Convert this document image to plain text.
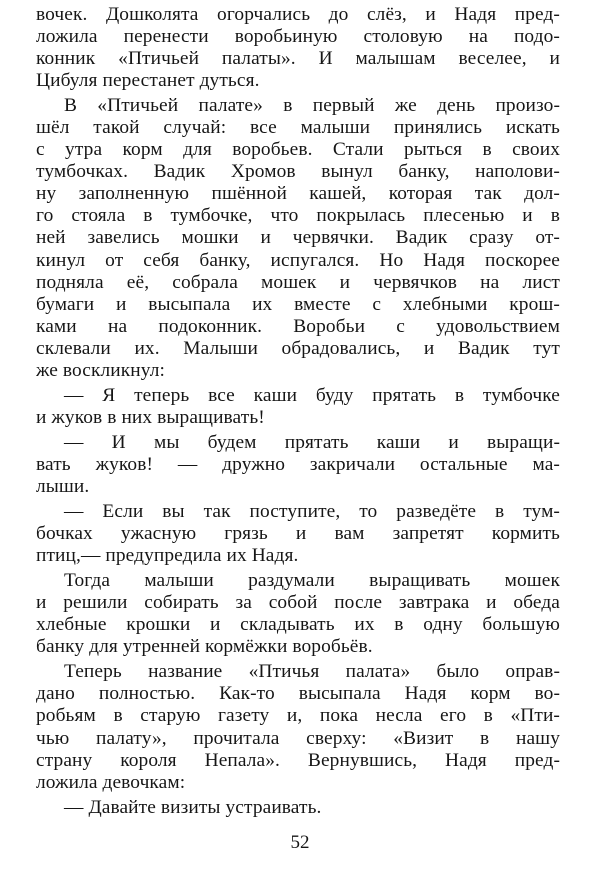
вочек. Дошколята огорчались до слёз, и Надя пред-
ложила перенести воробьиную столовую на подо-
конник «Птичьей палаты». И малышам веселее, и
Цибуля перестанет дуться.
В «Птичьей палате» в первый же день произо-
шёл такой случай: все малыши принялись искать
с утра корм для воробьев. Стали рыться в своих
тумбочках. Вадик Хромов вынул банку, наполови-
ну заполненную пшённой кашей, которая так дол-
го стояла в тумбочке, что покрылась плесенью и в
ней завелись мошки и червячки. Вадик сразу от-
кинул от себя банку, испугался. Но Надя поскорее
подняла её, собрала мошек и червячков на лист
бумаги и высыпала их вместе с хлебными крош-
ками на подоконник. Воробьи с удовольствием
склевали их. Малыши обрадовались, и Вадик тут
же воскликнул:
— Я теперь все каши буду прятать в тумбочке
и жуков в них выращивать!
— И мы будем прятать каши и выращи-
вать жуков! — дружно закричали остальные ма-
лыши.
— Если вы так поступите, то разведёте в тум-
бочках ужасную грязь и вам запретят кормить
птиц,— предупредила их Надя.
Тогда малыши раздумали выращивать мошек
и решили собирать за собой после завтрака и обеда
хлебные крошки и складывать их в одну большую
банку для утренней кормёжки воробьёв.
Теперь название «Птичья палата» было оправ-
дано полностью. Как-то высыпала Надя корм во-
робьям в старую газету и, пока несла его в «Пти-
чью палату», прочитала сверху: «Визит в нашу
страну короля Непала». Вернувшись, Надя пред-
ложила девочкам:
— Давайте визиты устраивать.
52
